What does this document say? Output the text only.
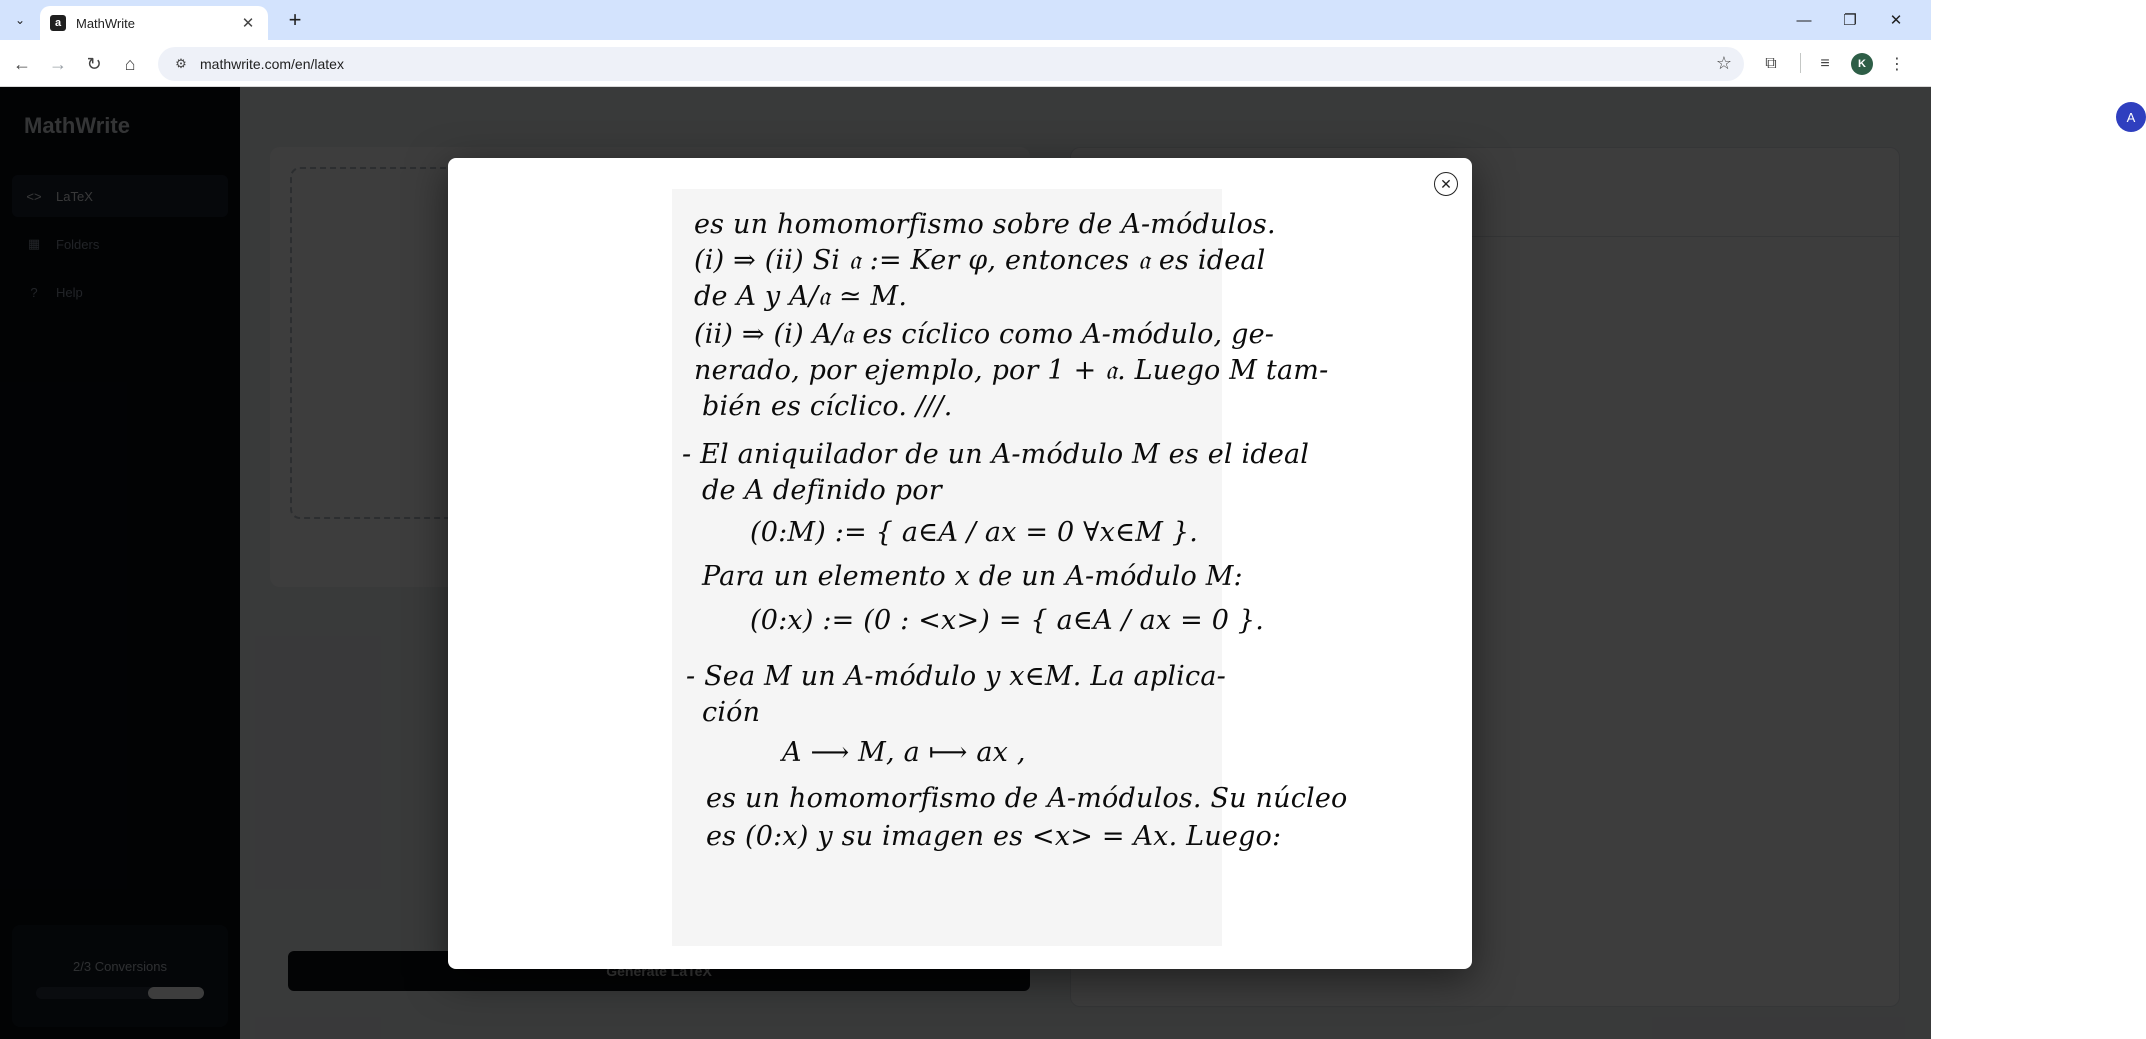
⌄	a	MathWrite	✕ +	—	❐	✕
← →	↻	⌂	⚙ mathwrite.com/en/latex	☆	⧉	≡	⋮
K
A
✕
es un homomorfismo sobre de A-módulos.
(i) ⇒ (ii) Si 𝔞 := Ker φ, entonces 𝔞 es ideal
de A y A/𝔞 ≃ M.
(ii) ⇒ (i) A/𝔞 es cíclico como A-módulo, ge-
nerado, por ejemplo, por 1 + 𝔞. Luego M tam-
bién es cíclico. ///.
- El aniquilador de un A-módulo M es el ideal
de A definido por
(0:M) := { a∈A / ax = 0 ∀x∈M }.
Para un elemento x de un A-módulo M:
(0:x) := (0 : <x>) = { a∈A / ax = 0 }.
- Sea M un A-módulo y x∈M. La aplica-
ción
A ⟶ M, a ⟼ ax ,
es un homomorfismo de A-módulos. Su núcleo
es (0:x) y su imagen es <x> = Ax. Luego:
